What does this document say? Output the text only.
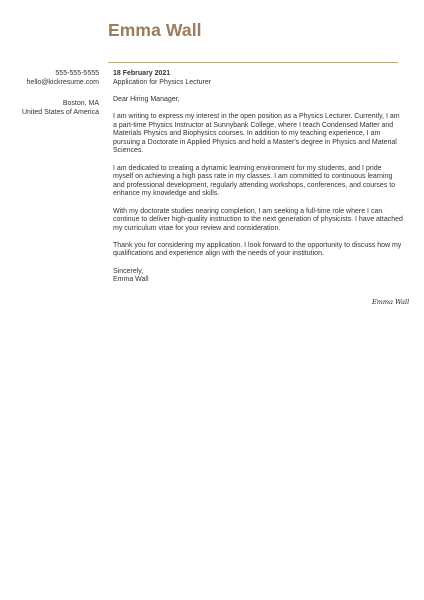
Emma Wall
555-555-5555
hello@kickresume.com
Boston, MA
United States of America
18 February 2021
Application for Physics Lecturer
Dear Hiring Manager,
I am writing to express my interest in the open position as a Physics Lecturer. Currently, I am a part-time Physics Instructor at Sunnybank College, where I teach Condensed Matter and Materials Physics and Biophysics courses. In addition to my teaching experience, I am pursuing a Doctorate in Applied Physics and hold a Master's degree in Physics and Material Sciences.
I am dedicated to creating a dynamic learning environment for my students, and I pride myself on achieving a high pass rate in my classes. I am committed to continuous learning and professional development, regularly attending workshops, conferences, and courses to enhance my knowledge and skills.
With my doctorate studies nearing completion, I am seeking a full-time role where I can continue to deliver high-quality instruction to the next generation of physicists. I have attached my curriculum vitae for your review and consideration.
Thank you for considering my application. I look forward to the opportunity to discuss how my qualifications and experience align with the needs of your institution.
Sincerely,
Emma Wall
Emma Wall
